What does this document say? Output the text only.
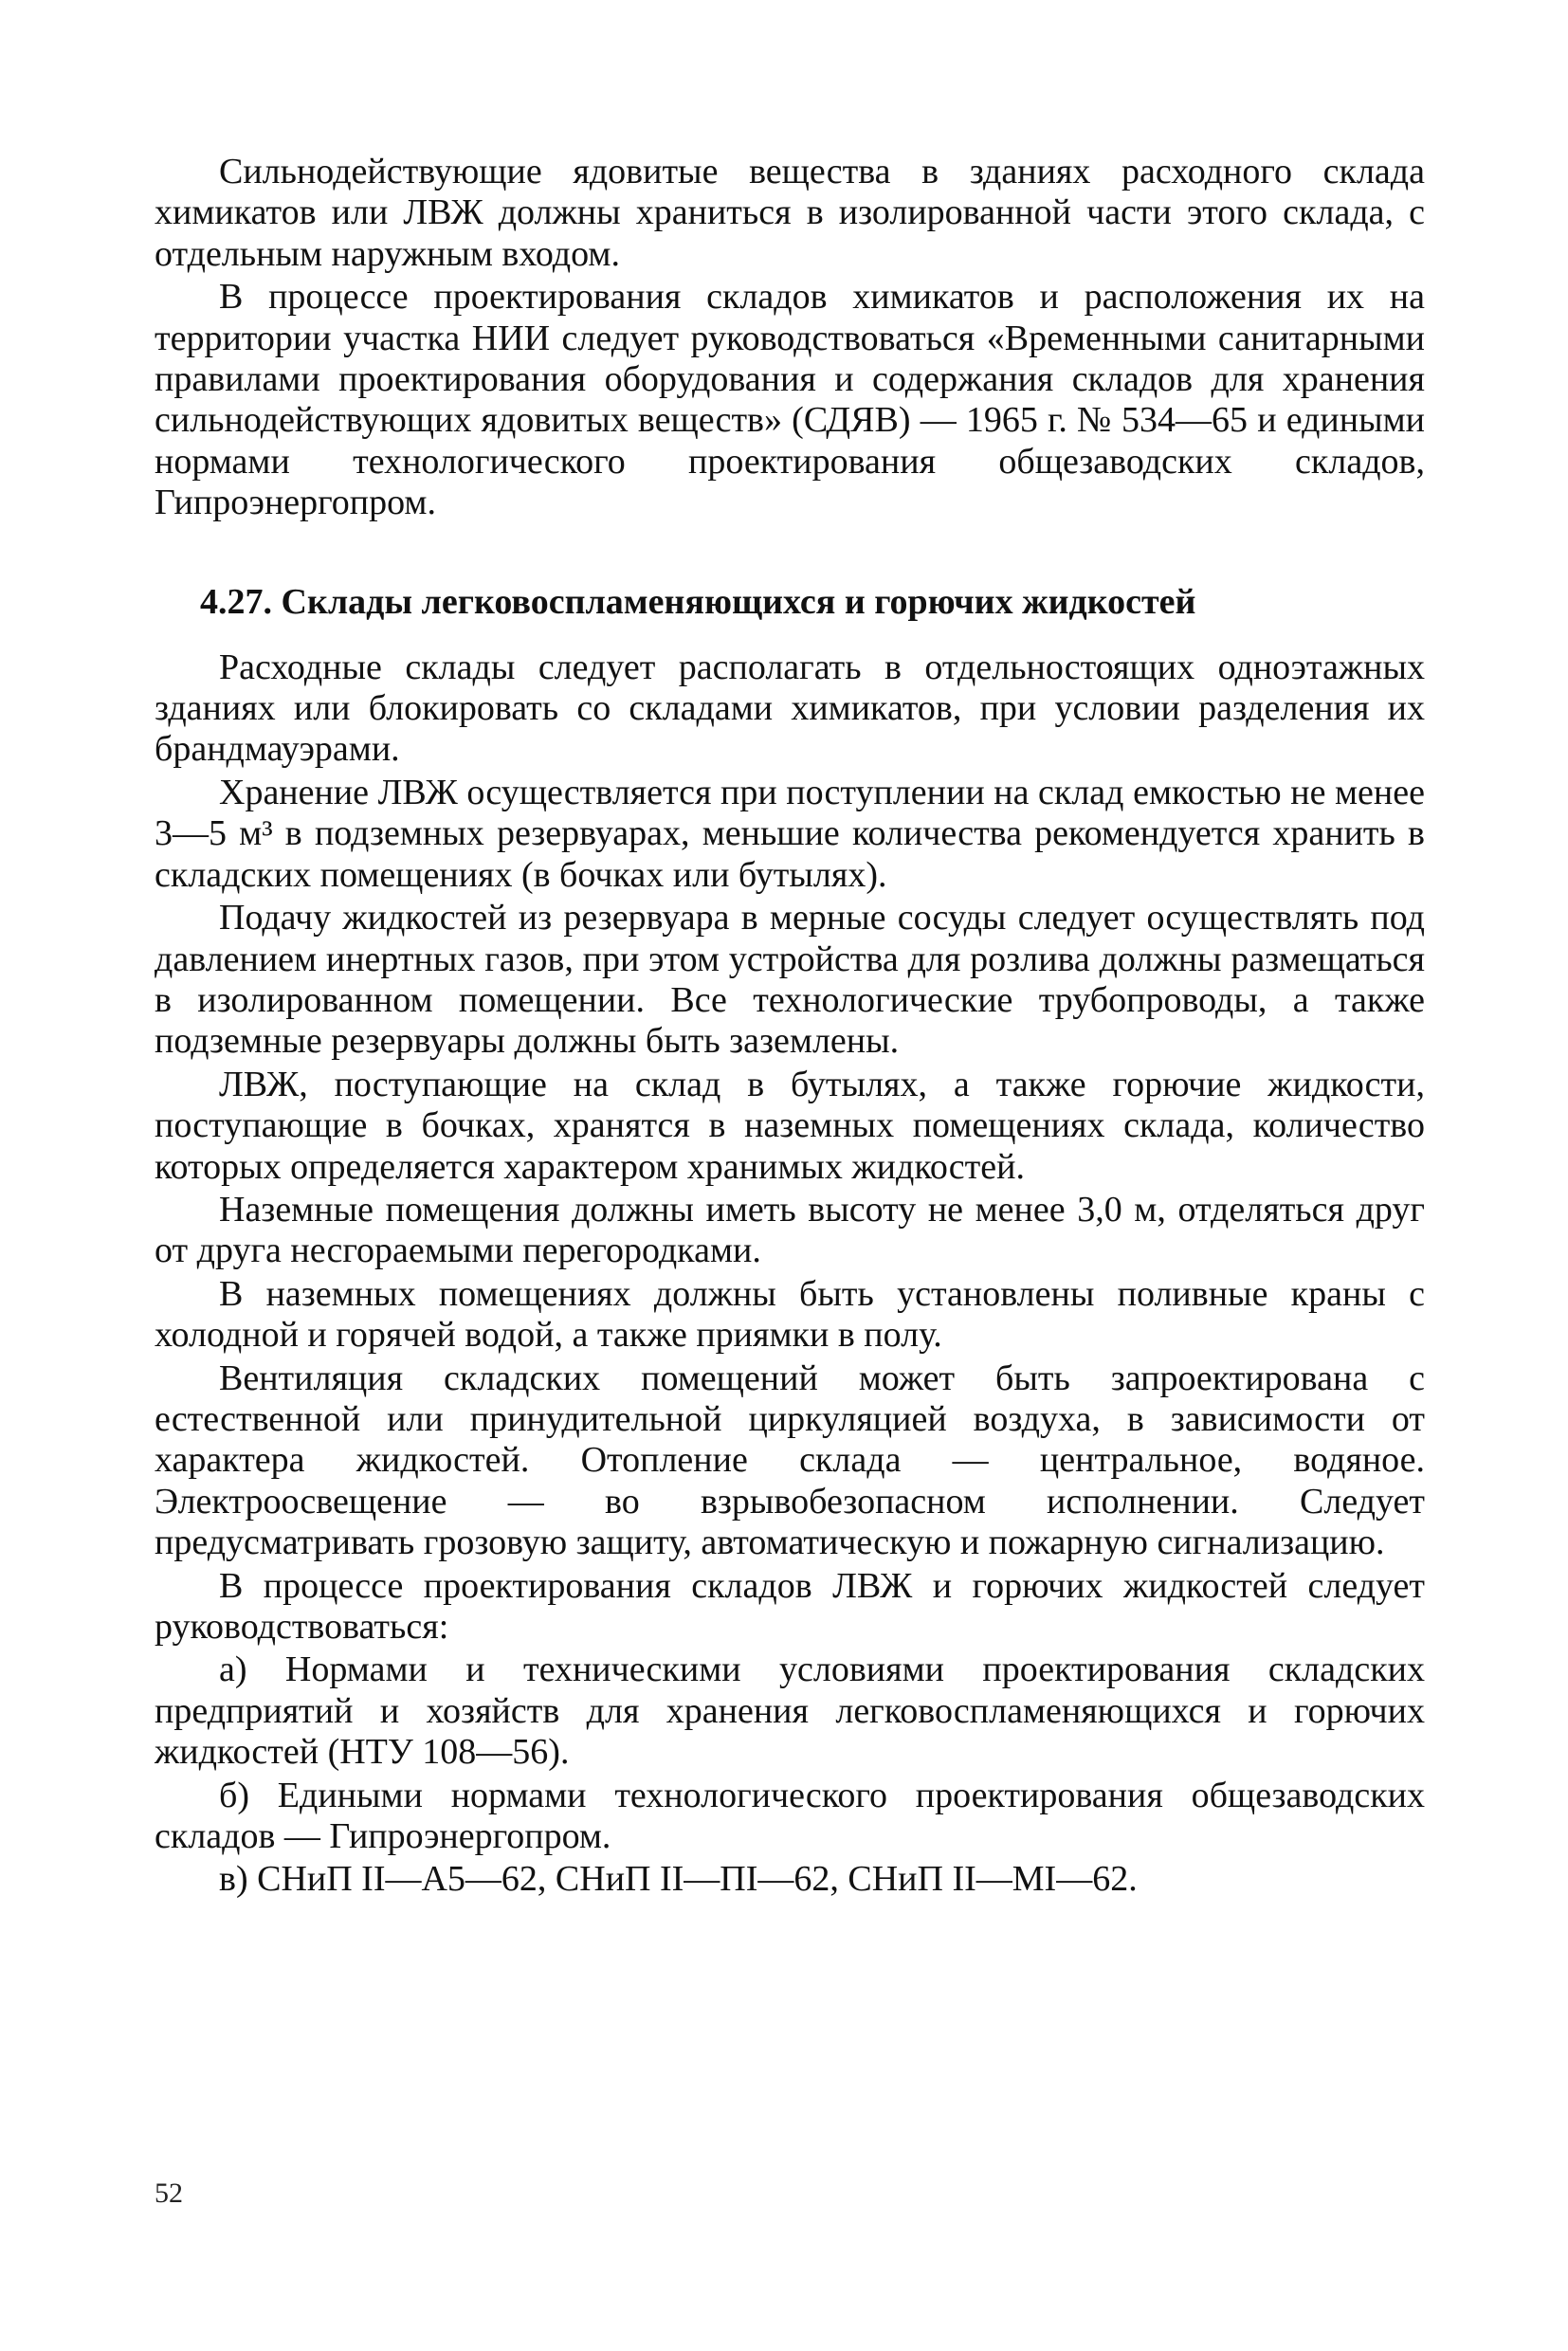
Сильнодействующие ядовитые вещества в зданиях расходного склада химикатов или ЛВЖ должны храниться в изолированной части этого склада, с отдельным наружным входом.

В процессе проектирования складов химикатов и расположения их на территории участка НИИ следует руководствоваться «Временными санитарными правилами проектирования оборудования и содержания складов для хранения сильнодействующих ядовитых веществ» (СДЯВ) — 1965 г. № 534—65 и едиными нормами технологического проектирования общезаводских складов, Гипроэнергопром.

4.27. Склады легковоспламеняющихся и горючих жидкостей

Расходные склады следует располагать в отдельностоящих одноэтажных зданиях или блокировать со складами химикатов, при условии разделения их брандмауэрами.

Хранение ЛВЖ осуществляется при поступлении на склад емкостью не менее 3—5 м³ в подземных резервуарах, меньшие количества рекомендуется хранить в складских помещениях (в бочках или бутылях).

Подачу жидкостей из резервуара в мерные сосуды следует осуществлять под давлением инертных газов, при этом устройства для розлива должны размещаться в изолированном помещении. Все технологические трубопроводы, а также подземные резервуары должны быть заземлены.

ЛВЖ, поступающие на склад в бутылях, а также горючие жидкости, поступающие в бочках, хранятся в наземных помещениях склада, количество которых определяется характером хранимых жидкостей.

Наземные помещения должны иметь высоту не менее 3,0 м, отделяться друг от друга несгораемыми перегородками.

В наземных помещениях должны быть установлены поливные краны с холодной и горячей водой, а также приямки в полу.

Вентиляция складских помещений может быть запроектирована с естественной или принудительной циркуляцией воздуха, в зависимости от характера жидкостей. Отопление склада — центральное, водяное. Электроосвещение — во взрывобезопасном исполнении. Следует предусматривать грозовую защиту, автоматическую и пожарную сигнализацию.

В процессе проектирования складов ЛВЖ и горючих жидкостей следует руководствоваться:

а) Нормами и техническими условиями проектирования складских предприятий и хозяйств для хранения легковоспламеняющихся и горючих жидкостей (НТУ 108—56).

б) Едиными нормами технологического проектирования общезаводских складов — Гипроэнергопром.

в) СНиП II—А5—62, СНиП II—ПI—62, СНиП II—МI—62.

52
